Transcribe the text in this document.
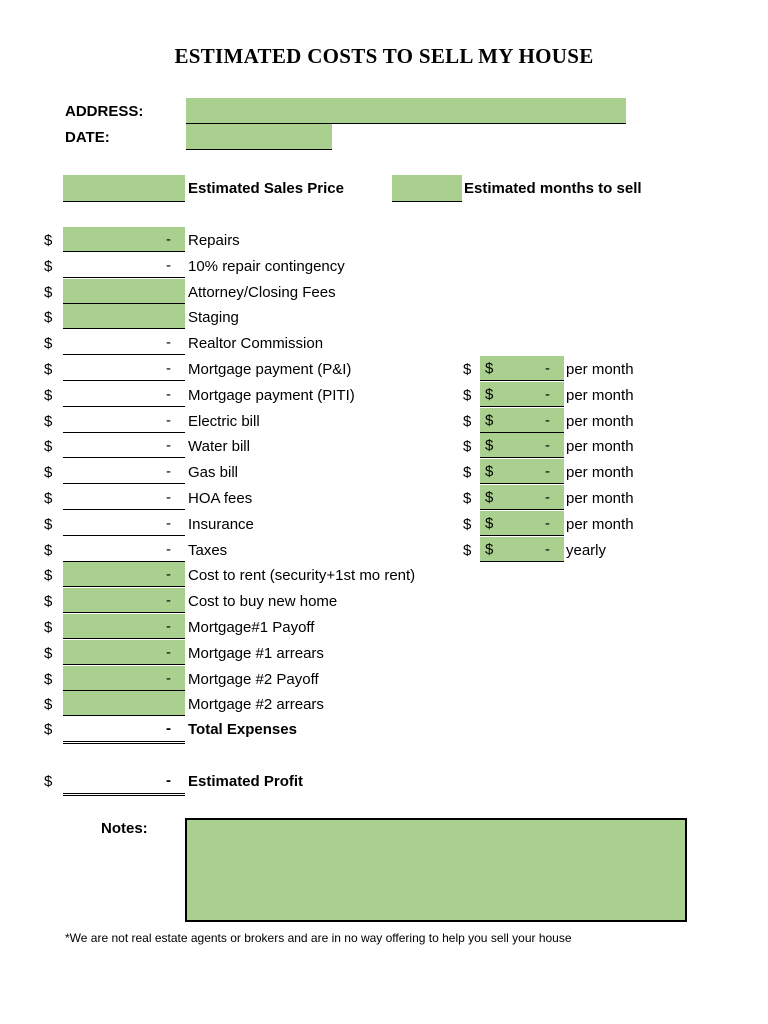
ESTIMATED COSTS TO SELL MY HOUSE
ADDRESS:
DATE:
Estimated Sales Price	Estimated months to sell
$	- Repairs
$	- 10% repair contingency
$	Attorney/Closing Fees
$	Staging
$	- Realtor Commission
$	- Mortgage payment (P&I)	$ $	- per month
$	- Mortgage payment (PITI)	$ $	- per month
$	- Electric bill	$ $	- per month
$	- Water bill	$ $	- per month
$	- Gas bill	$ $	- per month
$	- HOA fees	$ $	- per month
$	- Insurance	$ $	- per month
$	- Taxes	$ $	- yearly
$	- Cost to rent (security+1st mo rent)
$	- Cost to buy new home
$	- Mortgage#1 Payoff
$	- Mortgage #1 arrears
$	- Mortgage #2 Payoff
$	Mortgage #2 arrears
$	- Total Expenses
$	- Estimated Profit
Notes:
*We are not real estate agents or brokers and are in no way offering to help you sell your house
